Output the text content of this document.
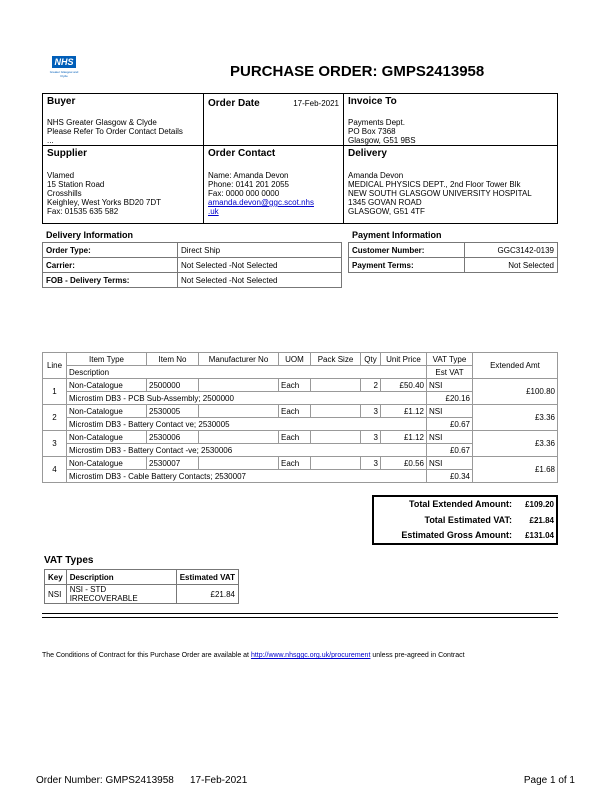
NHS
Greater Glasgow and Clyde	PURCHASE ORDER: GMPS2413958
Buyer
NHS Greater Glasgow & Clyde
Please Refer To Order Contact Details
...
Order Date	17-Feb-2021 Invoice To
Payments Dept.
PO Box 7368
Glasgow, G51 9BS
Supplier
Vlamed
15 Station Road
Crosshills
Keighley, West Yorks BD20 7DT
Fax: 01535 635 582
Order Contact
Name: Amanda Devon
Phone: 0141 201 2055
Fax: 0000 000 0000
amanda.devon@ggc.scot.nhs
.uk
Delivery
Amanda Devon
MEDICAL PHYSICS DEPT., 2nd Floor Tower Blk
NEW SOUTH GLASGOW UNIVERSITY HOSPITAL
1345 GOVAN ROAD
GLASGOW, G51 4TF
Delivery Information
Order Type:	Direct Ship
Carrier:	Not Selected -Not Selected
FOB - Delivery Terms:	Not Selected -Not Selected
Payment Information
Customer Number:	GGC3142-0139
Payment Terms:	Not Selected
Line	Item Type	Item No	Manufacturer No	UOM	Pack Size	Qty	Unit Price	VAT Type	Extended Amt
	Description							Est VAT	
1	Non-Catalogue	2500000		Each		2	£50.40	NSI	£100.80
	Microstim DB3 - PCB Sub-Assembly; 2500000							£20.16	
2	Non-Catalogue	2530005		Each		3	£1.12	NSI	£3.36
	Microstim DB3 - Battery Contact ve; 2530005							£0.67	
3	Non-Catalogue	2530006		Each		3	£1.12	NSI	£3.36
	Microstim DB3 - Battery Contact -ve; 2530006							£0.67	
4	Non-Catalogue	2530007		Each		3	£0.56	NSI	£1.68
	Microstim DB3 - Cable Battery Contacts; 2530007							£0.34	
Total Extended Amount: £109.20
Total Estimated VAT: £21.84
Estimated Gross Amount: £131.04
VAT Types
Key	Description	Estimated VAT
NSI	NSI - STD IRRECOVERABLE	£21.84
The Conditions of Contract for this Purchase Order are available at http://www.nhsggc.org.uk/procurement unless pre-agreed in Contract
Order Number: GMPS2413958 17-Feb-2021	Page 1 of 1
